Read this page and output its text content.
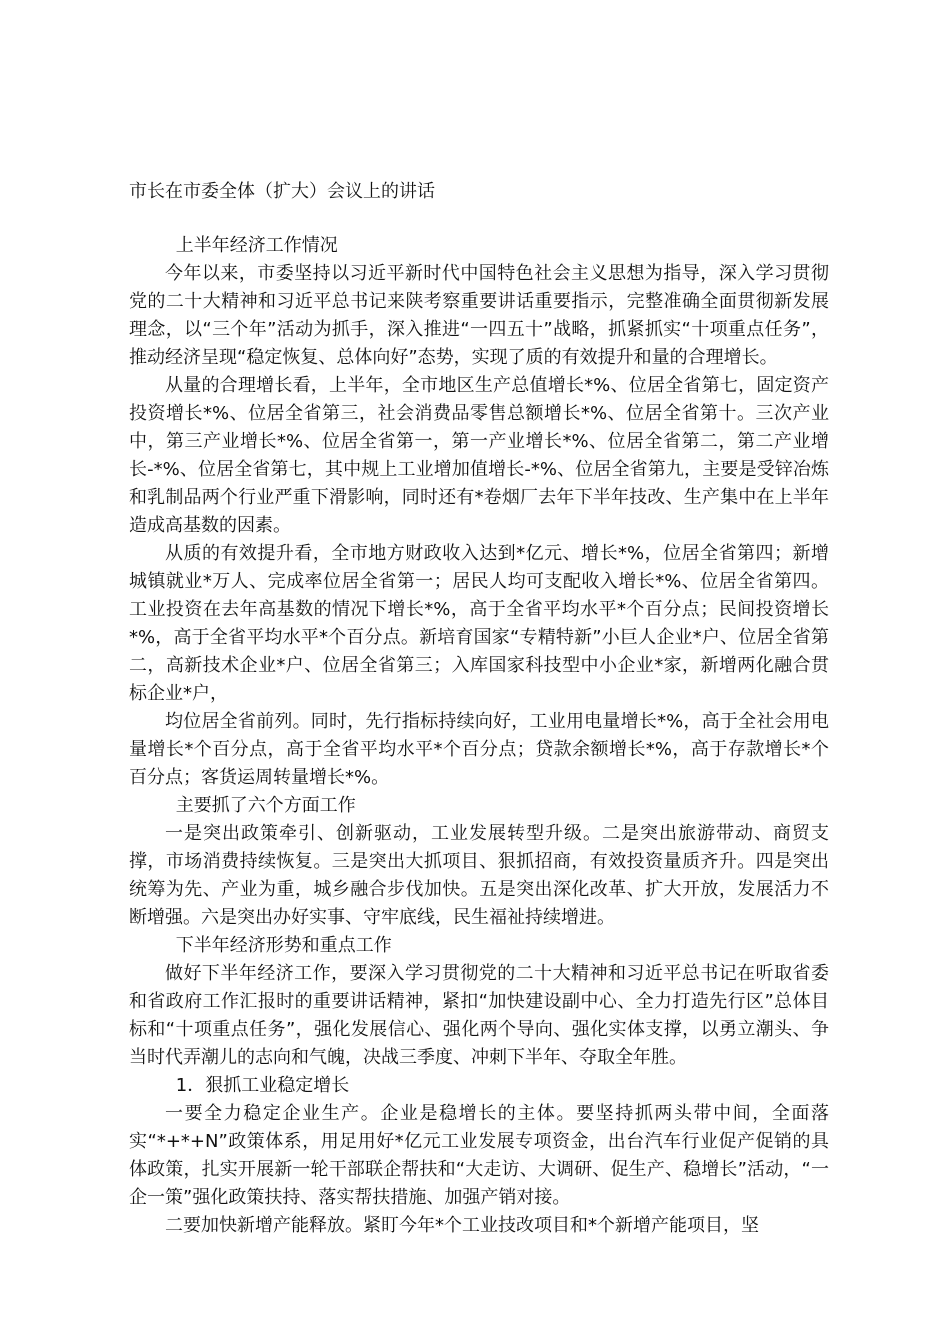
市长在市委全体（扩大）会议上的讲话

上半年经济工作情况

今年以来，市委坚持以习近平新时代中国特色社会主义思想为指导，深入学习贯彻党的二十大精神和习近平总书记来陕考察重要讲话重要指示，完整准确全面贯彻新发展理念，以“三个年”活动为抓手，深入推进“一四五十”战略，抓紧抓实“十项重点任务”，推动经济呈现“稳定恢复、总体向好”态势，实现了质的有效提升和量的合理增长。

从量的合理增长看，上半年，全市地区生产总值增长*%、位居全省第七，固定资产投资增长*%、位居全省第三，社会消费品零售总额增长*%、位居全省第十。三次产业中，第三产业增长*%、位居全省第一，第一产业增长*%、位居全省第二，第二产业增长-*%、位居全省第七，其中规上工业增加值增长-*%、位居全省第九，主要是受锌冶炼和乳制品两个行业严重下滑影响，同时还有*卷烟厂去年下半年技改、生产集中在上半年造成高基数的因素。

从质的有效提升看，全市地方财政收入达到*亿元、增长*%，位居全省第四；新增城镇就业*万人、完成率位居全省第一；居民人均可支配收入增长*%、位居全省第四。工业投资在去年高基数的情况下增长*%，高于全省平均水平*个百分点；民间投资增长*%，高于全省平均水平*个百分点。新培育国家“专精特新”小巨人企业*户、位居全省第二，高新技术企业*户、位居全省第三；入库国家科技型中小企业*家，新增两化融合贯标企业*户，

均位居全省前列。同时，先行指标持续向好，工业用电量增长*%，高于全社会用电量增长*个百分点，高于全省平均水平*个百分点；贷款余额增长*%，高于存款增长*个百分点；客货运周转量增长*%。

主要抓了六个方面工作

一是突出政策牵引、创新驱动，工业发展转型升级。二是突出旅游带动、商贸支撑，市场消费持续恢复。三是突出大抓项目、狠抓招商，有效投资量质齐升。四是突出统筹为先、产业为重，城乡融合步伐加快。五是突出深化改革、扩大开放，发展活力不断增强。六是突出办好实事、守牢底线，民生福祉持续增进。

下半年经济形势和重点工作

做好下半年经济工作，要深入学习贯彻党的二十大精神和习近平总书记在听取省委和省政府工作汇报时的重要讲话精神，紧扣“加快建设副中心、全力打造先行区”总体目标和“十项重点任务”，强化发展信心、强化两个导向、强化实体支撑，以勇立潮头、争当时代弄潮儿的志向和气魄，决战三季度、冲刺下半年、夺取全年胜。

1．狠抓工业稳定增长

一要全力稳定企业生产。企业是稳增长的主体。要坚持抓两头带中间，全面落实“*+*+N”政策体系，用足用好*亿元工业发展专项资金，出台汽车行业促产促销的具体政策，扎实开展新一轮干部联企帮扶和“大走访、大调研、促生产、稳增长”活动，“一企一策”强化政策扶持、落实帮扶措施、加强产销对接。

二要加快新增产能释放。紧盯今年*个工业技改项目和*个新增产能项目，坚
